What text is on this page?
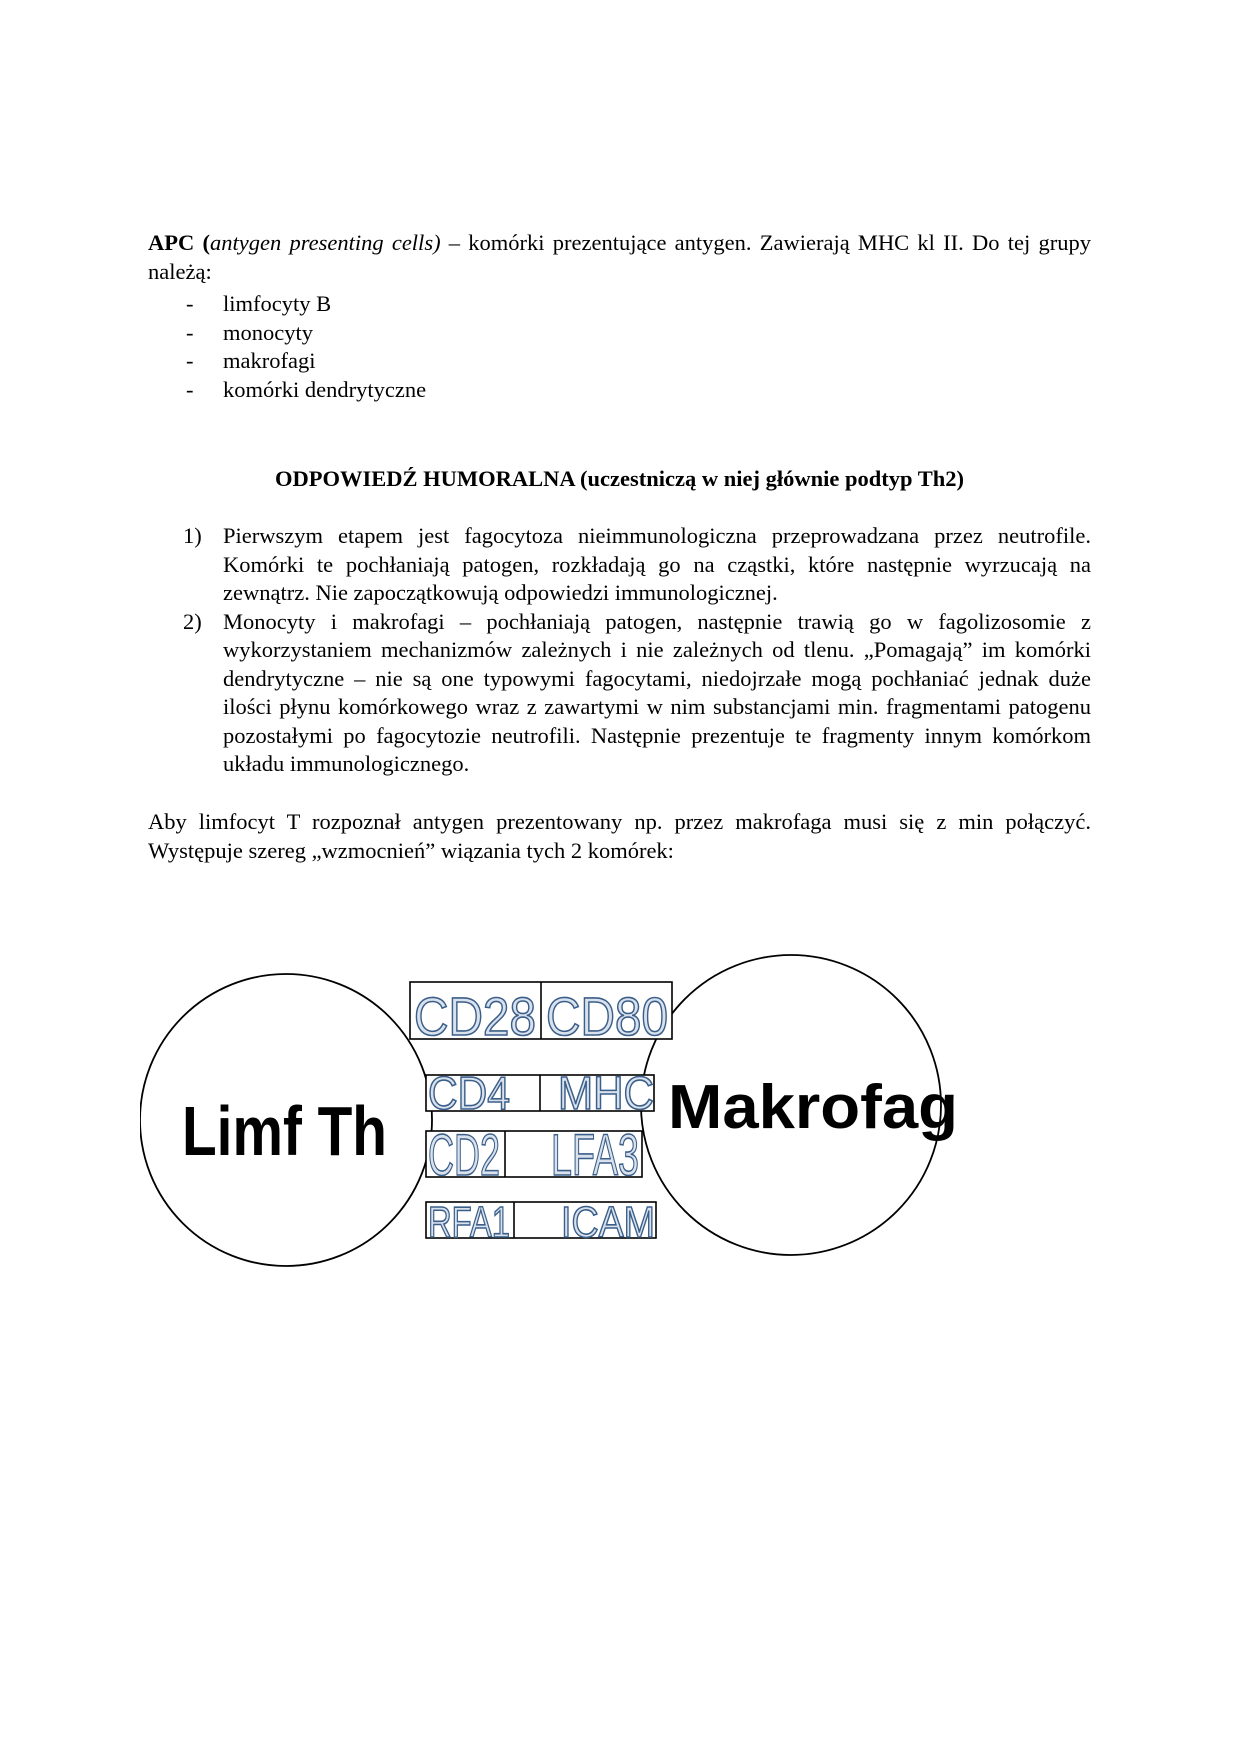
APC (antygen presenting cells) – komórki prezentujące antygen. Zawierają MHC kl II. Do tej grupy należą:

- limfocyty B
- monocyty
- makrofagi
- komórki dendrytyczne
ODPOWIEDŹ HUMORALNA (uczestniczą w niej głównie podtyp Th2)
1) Pierwszym etapem jest fagocytoza nieimmunologiczna przeprowadzana przez neutrofile. Komórki te pochłaniają patogen, rozkładają go na cząstki, które następnie wyrzucają na zewnątrz. Nie zapoczątkowują odpowiedzi immunologicznej.
2) Monocyty i makrofagi – pochłaniają patogen, następnie trawią go w fagolizosomie z wykorzystaniem mechanizmów zależnych i nie zależnych od tlenu. „Pomagają” im komórki dendrytyczne – nie są one typowymi fagocytami, niedojrzałe mogą pochłaniać jednak duże ilości płynu komórkowego wraz z zawartymi w nim substancjami min. fragmentami patogenu pozostałymi po fagocytozie neutrofili. Następnie prezentuje te fragmenty innym komórkom układu immunologicznego.

Aby limfocyt T rozpoznał antygen prezentowany np. przez makrofaga musi się z min połączyć. Występuje szereg „wzmocnień” wiązania tych 2 komórek:

Limf Th	Makrofag
CD28 CD80
CD4 MHC
CD2 LFA3
RFA1 ICAM
